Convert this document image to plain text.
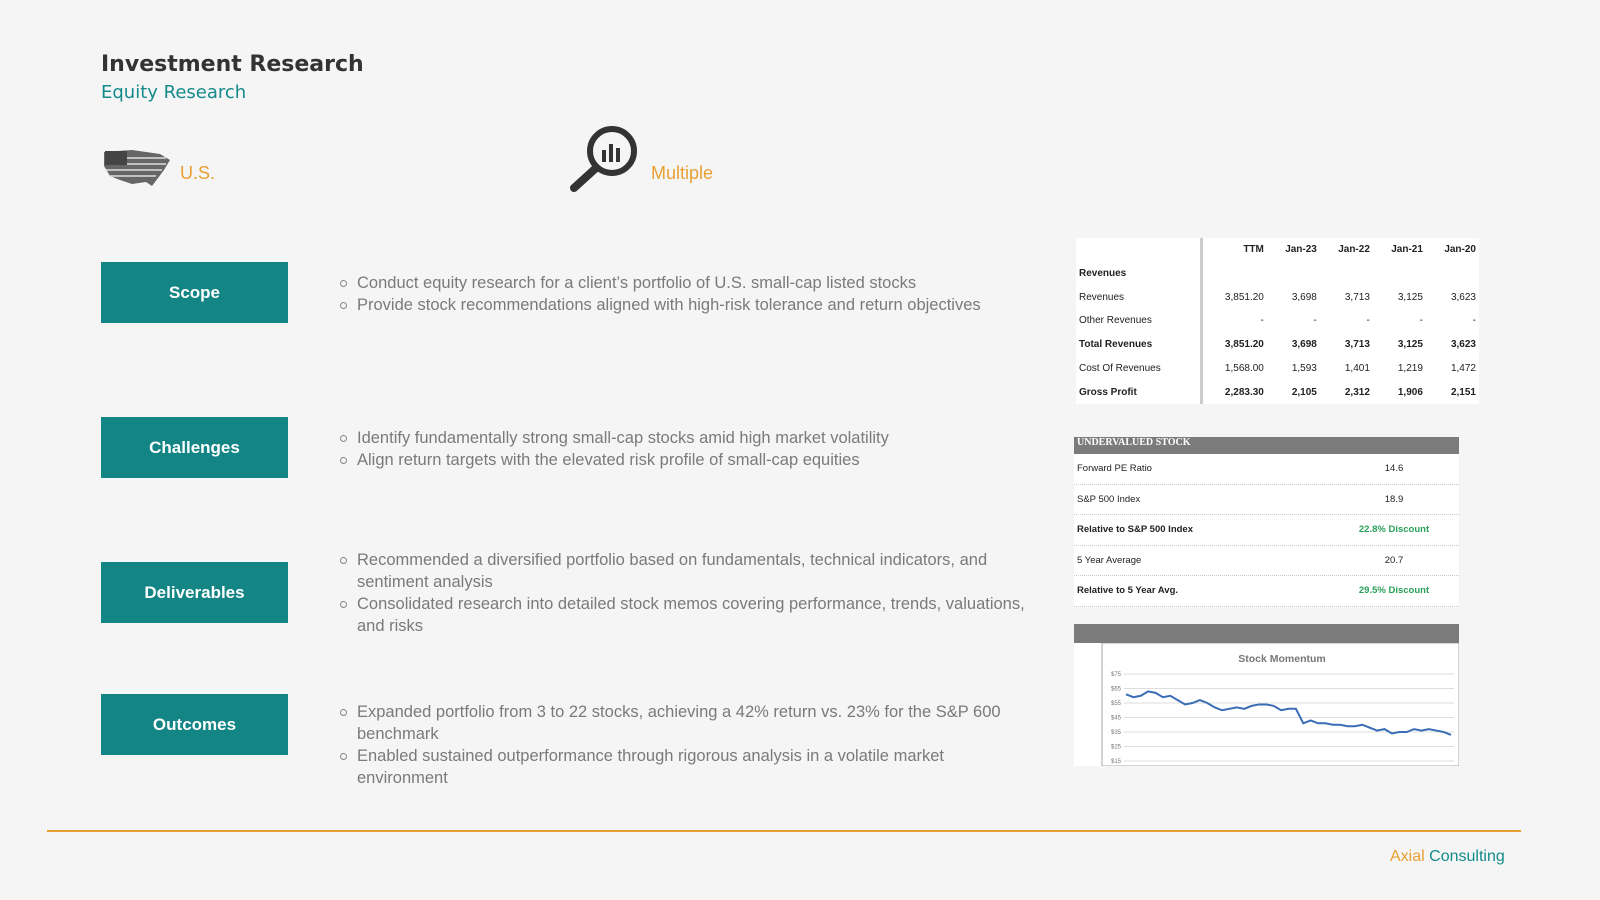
Investment Research
Equity Research
U.S.	Multiple
Scope	Conduct equity research for a client’s portfolio of U.S. small-cap listed stocks
Provide stock recommendations aligned with high-risk tolerance and return objectives
Challenges	Identify fundamentally strong small-cap stocks amid high market volatility
Align return targets with the elevated risk profile of small-cap equities
Deliverables
Recommended a diversified portfolio based on fundamentals, technical indicators, and sentiment analysis
Consolidated research into detailed stock memos covering performance, trends, valuations, and risks
Outcomes
Expanded portfolio from 3 to 22 stocks, achieving a 42% return vs. 23% for the S&P 600 benchmark
Enabled sustained outperformance through rigorous analysis in a volatile market environment
	TTM	Jan-23	Jan-22	Jan-21	Jan-20
Revenues					
Revenues	3,851.20	3,698	3,713	3,125	3,623
Other Revenues	-	-	-	-	-
Total Revenues	3,851.20	3,698	3,713	3,125	3,623
Cost Of Revenues	1,568.00	1,593	1,401	1,219	1,472
Gross Profit	2,283.30	2,105	2,312	1,906	2,151
UNDERVALUED STOCK
Forward PE Ratio	14.6
S&P 500 Index	18.9
Relative to S&P 500 Index	22.8% Discount
5 Year Average	20.7
Relative to 5 Year Avg.	29.5% Discount
Stock Momentum
$75
$65
$55
$45
$35
$25
$15
Axial Consulting
